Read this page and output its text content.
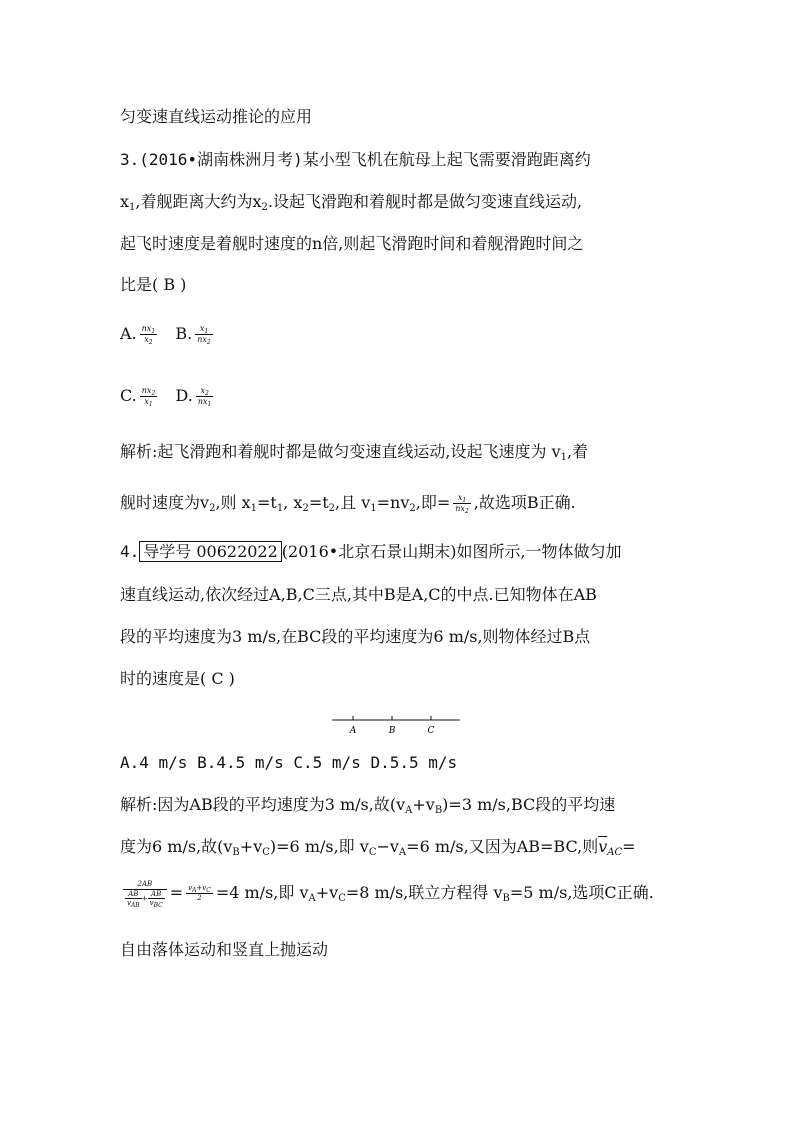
匀变速直线运动推论的应用
3.(2016•湖南株洲月考)某小型飞机在航母上起飞需要滑跑距离约
$x_1$,着舰距离大约为$x_2$.设起飞滑跑和着舰时都是做匀变速直线运动,
起飞时速度是着舰时速度的n倍,则起飞滑跑时间和着舰滑跑时间之
比是( B )
A. $\frac{nx_1}{x_2} B$. $\frac{x_1}{nx_2}$
C. $\frac{nx_2}{x_1} D$. $\frac{x_2}{nx_1}$
解析:起飞滑跑和着舰时都是做匀变速直线运动,设起飞速度为 $v_1$,着
舰时速度为$v_2$,则 $x_1=t_1$, $x_2=t_2$,且 $v_1=nv_2$,即= $\frac{x_1}{nx_2}$ ,故选项B正确.
4. 导学号 00622022 (2016•北京石景山期末)如图所示,一物体做匀加
速直线运动,依次经过A,B,C三点,其中B是A,C的中点.已知物体在AB
段的平均速度为3 m/s,在BC段的平均速度为6 m/s,则物体经过B点
时的速度是( C )
A	B	C
A.4 m/s B.4.5 m/s C.5 m/s D.5.5 m/s
解析:因为AB段的平均速度为3 m/s,故$(v_A+v_B)=3$ m/s,BC段的平均速
度为6 m/s,故$(v_B+v_C)=6$ m/s,即 $v_C-v_A=6$ m/s,又因为AB=BC,则$\overline{v}_{AC}=$
$\frac{2AB}{\frac{AB}{\overline{v}_{AB}} + \frac{AB}{\overline{v}_{BC}}} = \frac{v_A+v_C}{2} =4$ m/s,即 $v_A+v_C=8$ m/s,联立方程得 $v_B=5$ m/s,选项C正确.
自由落体运动和竖直上抛运动
